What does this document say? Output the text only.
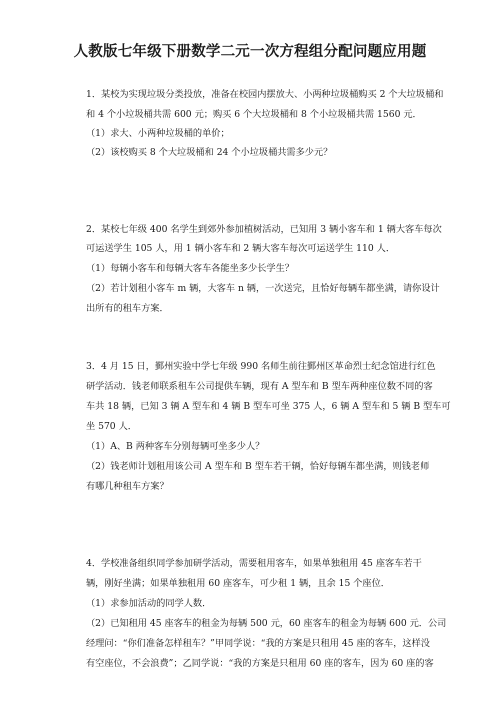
人教版七年级下册数学二元一次方程组分配问题应用题
1．某校为实现垃圾分类投放，准备在校园内摆放大、小两种垃圾桶购买 2 个大垃圾桶和
和 4 个小垃圾桶共需 600 元；购买 6 个大垃圾桶和 8 个小垃圾桶共需 1560 元．
（1）求大、小两种垃圾桶的单价；
（2）该校购买 8 个大垃圾桶和 24 个小垃圾桶共需多少元？
2．某校七年级 400 名学生到郊外参加植树活动，已知用 3 辆小客车和 1 辆大客车每次
可运送学生 105 人，用 1 辆小客车和 2 辆大客车每次可运送学生 110 人．
（1）每辆小客车和每辆大客车各能坐多少长学生？
（2）若计划租小客车 m 辆，大客车 n 辆，一次送完，且恰好每辆车都坐满，请你设计
出所有的租车方案．
3．4 月 15 日，鄞州实验中学七年级 990 名师生前往鄞州区革命烈士纪念馆进行红色
研学活动．钱老师联系租车公司提供车辆，现有 A 型车和 B 型车两种座位数不同的客
车共 18 辆，已知 3 辆 A 型车和 4 辆 B 型车可坐 375 人，6 辆 A 型车和 5 辆 B 型车可
坐 570 人．
（1）A、B 两种客车分别每辆可坐多少人？
（2）钱老师计划租用该公司 A 型车和 B 型车若干辆，恰好每辆车都坐满，则钱老师
有哪几种租车方案？
4．学校准备组织同学参加研学活动，需要租用客车，如果单独租用 45 座客车若干
辆，刚好坐满；如果单独租用 60 座客车，可少租 1 辆，且余 15 个座位．
（1）求参加活动的同学人数．
（2）已知租用 45 座客车的租金为每辆 500 元，60 座客车的租金为每辆 600 元．公司
经理问：“你们准备怎样租车？”甲同学说：“我的方案是只租用 45 座的客车，这样没
有空座位，不会浪费”；乙同学说：“我的方案是只租用 60 座的客车，因为 60 座的客
